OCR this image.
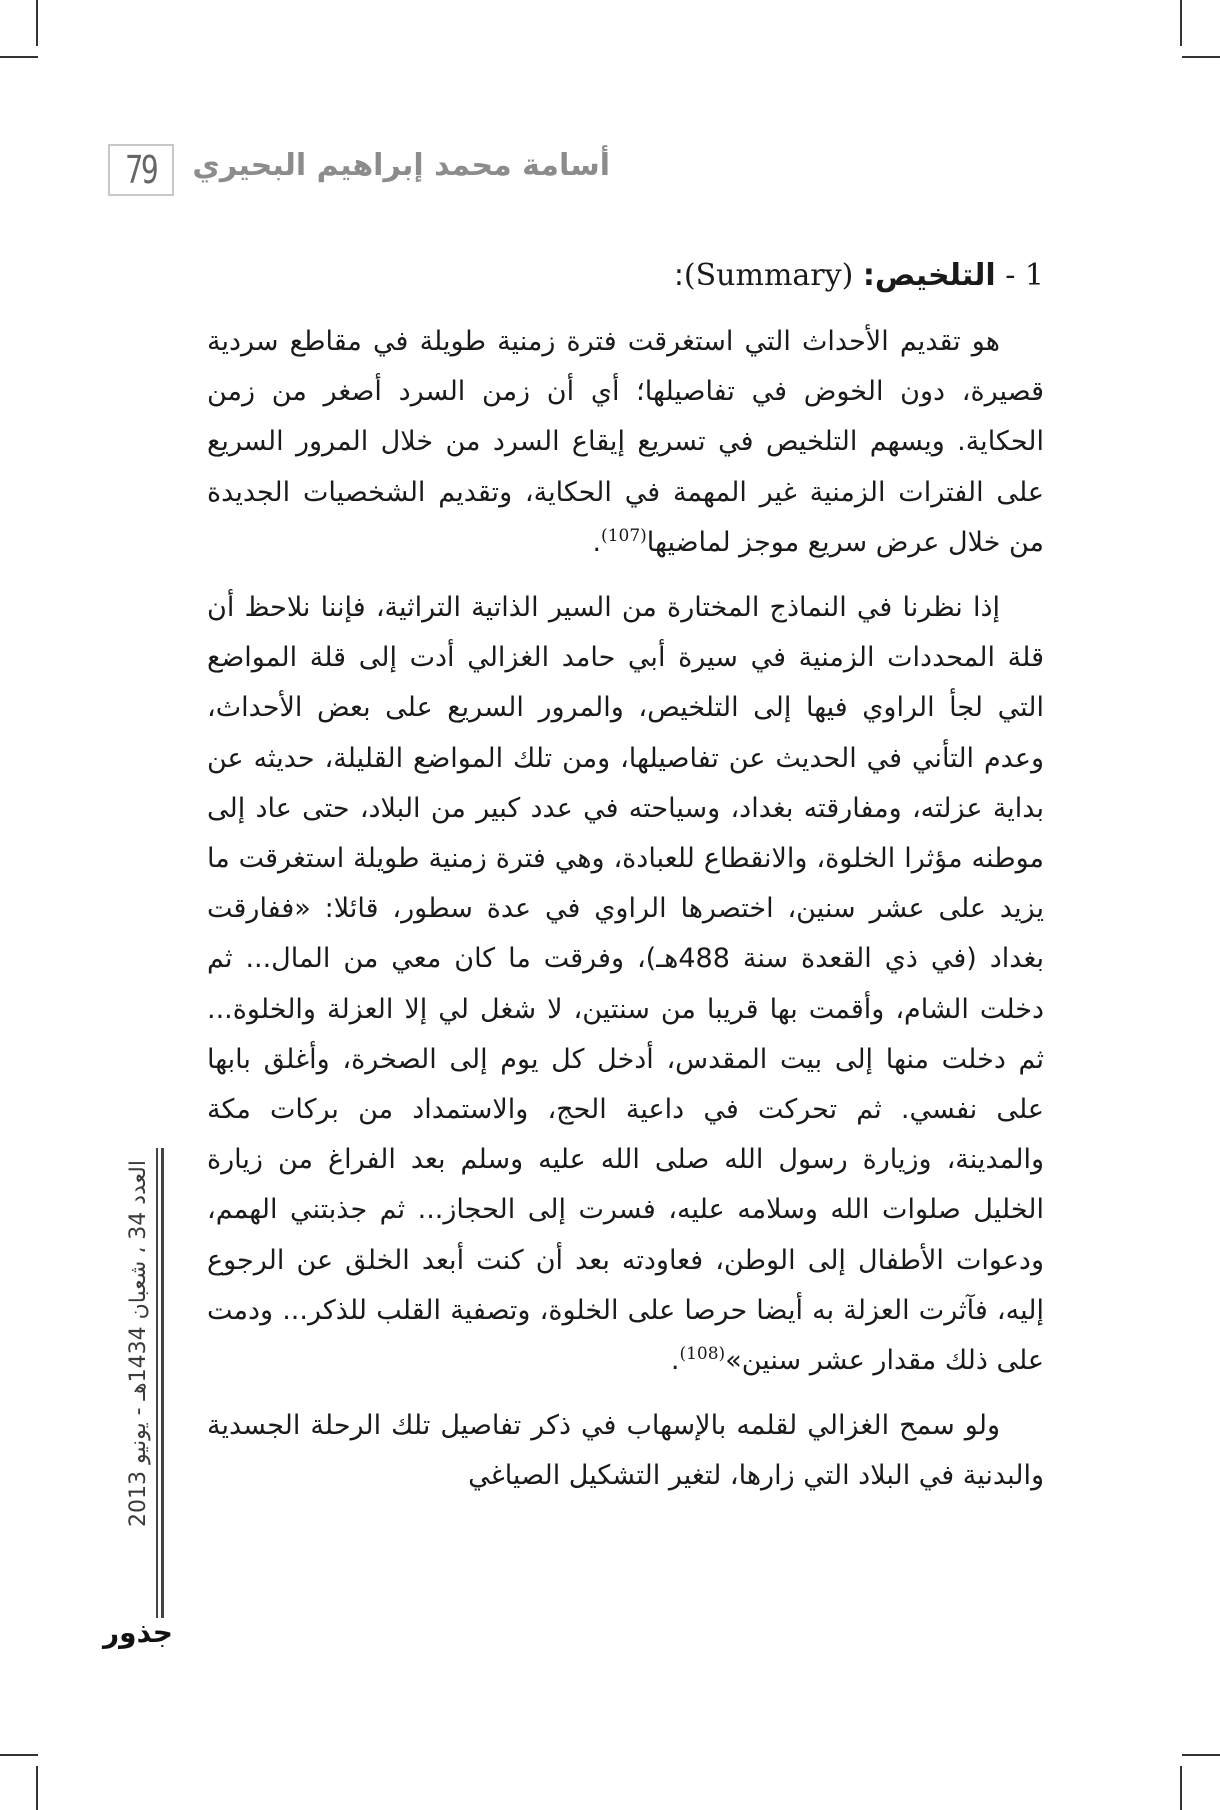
79 أسامة محمد إبراهيم البحيري

1 - التلخيص: (Summary):

هو تقديم الأحداث التي استغرقت فترة زمنية طويلة في مقاطع سردية قصيرة، دون الخوض في تفاصيلها؛ أي أن زمن السرد أصغر من زمن الحكاية. ويسهم التلخيص في تسريع إيقاع السرد من خلال المرور السريع على الفترات الزمنية غير المهمة في الحكاية، وتقديم الشخصيات الجديدة من خلال عرض سريع موجز لماضيها$^{(107)}$.

إذا نظرنا في النماذج المختارة من السير الذاتية التراثية، فإننا نلاحظ أن قلة المحددات الزمنية في سيرة أبي حامد الغزالي أدت إلى قلة المواضع التي لجأ الراوي فيها إلى التلخيص، والمرور السريع على بعض الأحداث، وعدم التأني في الحديث عن تفاصيلها، ومن تلك المواضع القليلة، حديثه عن بداية عزلته، ومفارقته بغداد، وسياحته في عدد كبير من البلاد، حتى عاد إلى موطنه مؤثرا الخلوة، والانقطاع للعبادة، وهي فترة زمنية طويلة استغرقت ما يزيد على عشر سنين، اختصرها الراوي في عدة سطور، قائلا: «ففارقت بغداد (في ذي القعدة سنة 488هـ)، وفرقت ما كان معي من المال... ثم دخلت الشام، وأقمت بها قريبا من سنتين، لا شغل لي إلا العزلة والخلوة... ثم دخلت منها إلى بيت المقدس، أدخل كل يوم إلى الصخرة، وأغلق بابها على نفسي. ثم تحركت في داعية الحج، والاستمداد من بركات مكة والمدينة، وزيارة رسول الله صلى الله عليه وسلم بعد الفراغ من زيارة الخليل صلوات الله وسلامه عليه، فسرت إلى الحجاز... ثم جذبتني الهمم، ودعوات الأطفال إلى الوطن، فعاودته بعد أن كنت أبعد الخلق عن الرجوع إليه، فآثرت العزلة به أيضا حرصا على الخلوة، وتصفية القلب للذكر... ودمت على ذلك مقدار عشر سنين»$^{(108)}$.

ولو سمح الغزالي لقلمه بالإسهاب في ذكر تفاصيل تلك الرحلة الجسدية والبدنية في البلاد التي زارها، لتغير التشكيل الصياغي

العدد 34 ، شعبان 1434هـ - يونيو 2013
جذور
